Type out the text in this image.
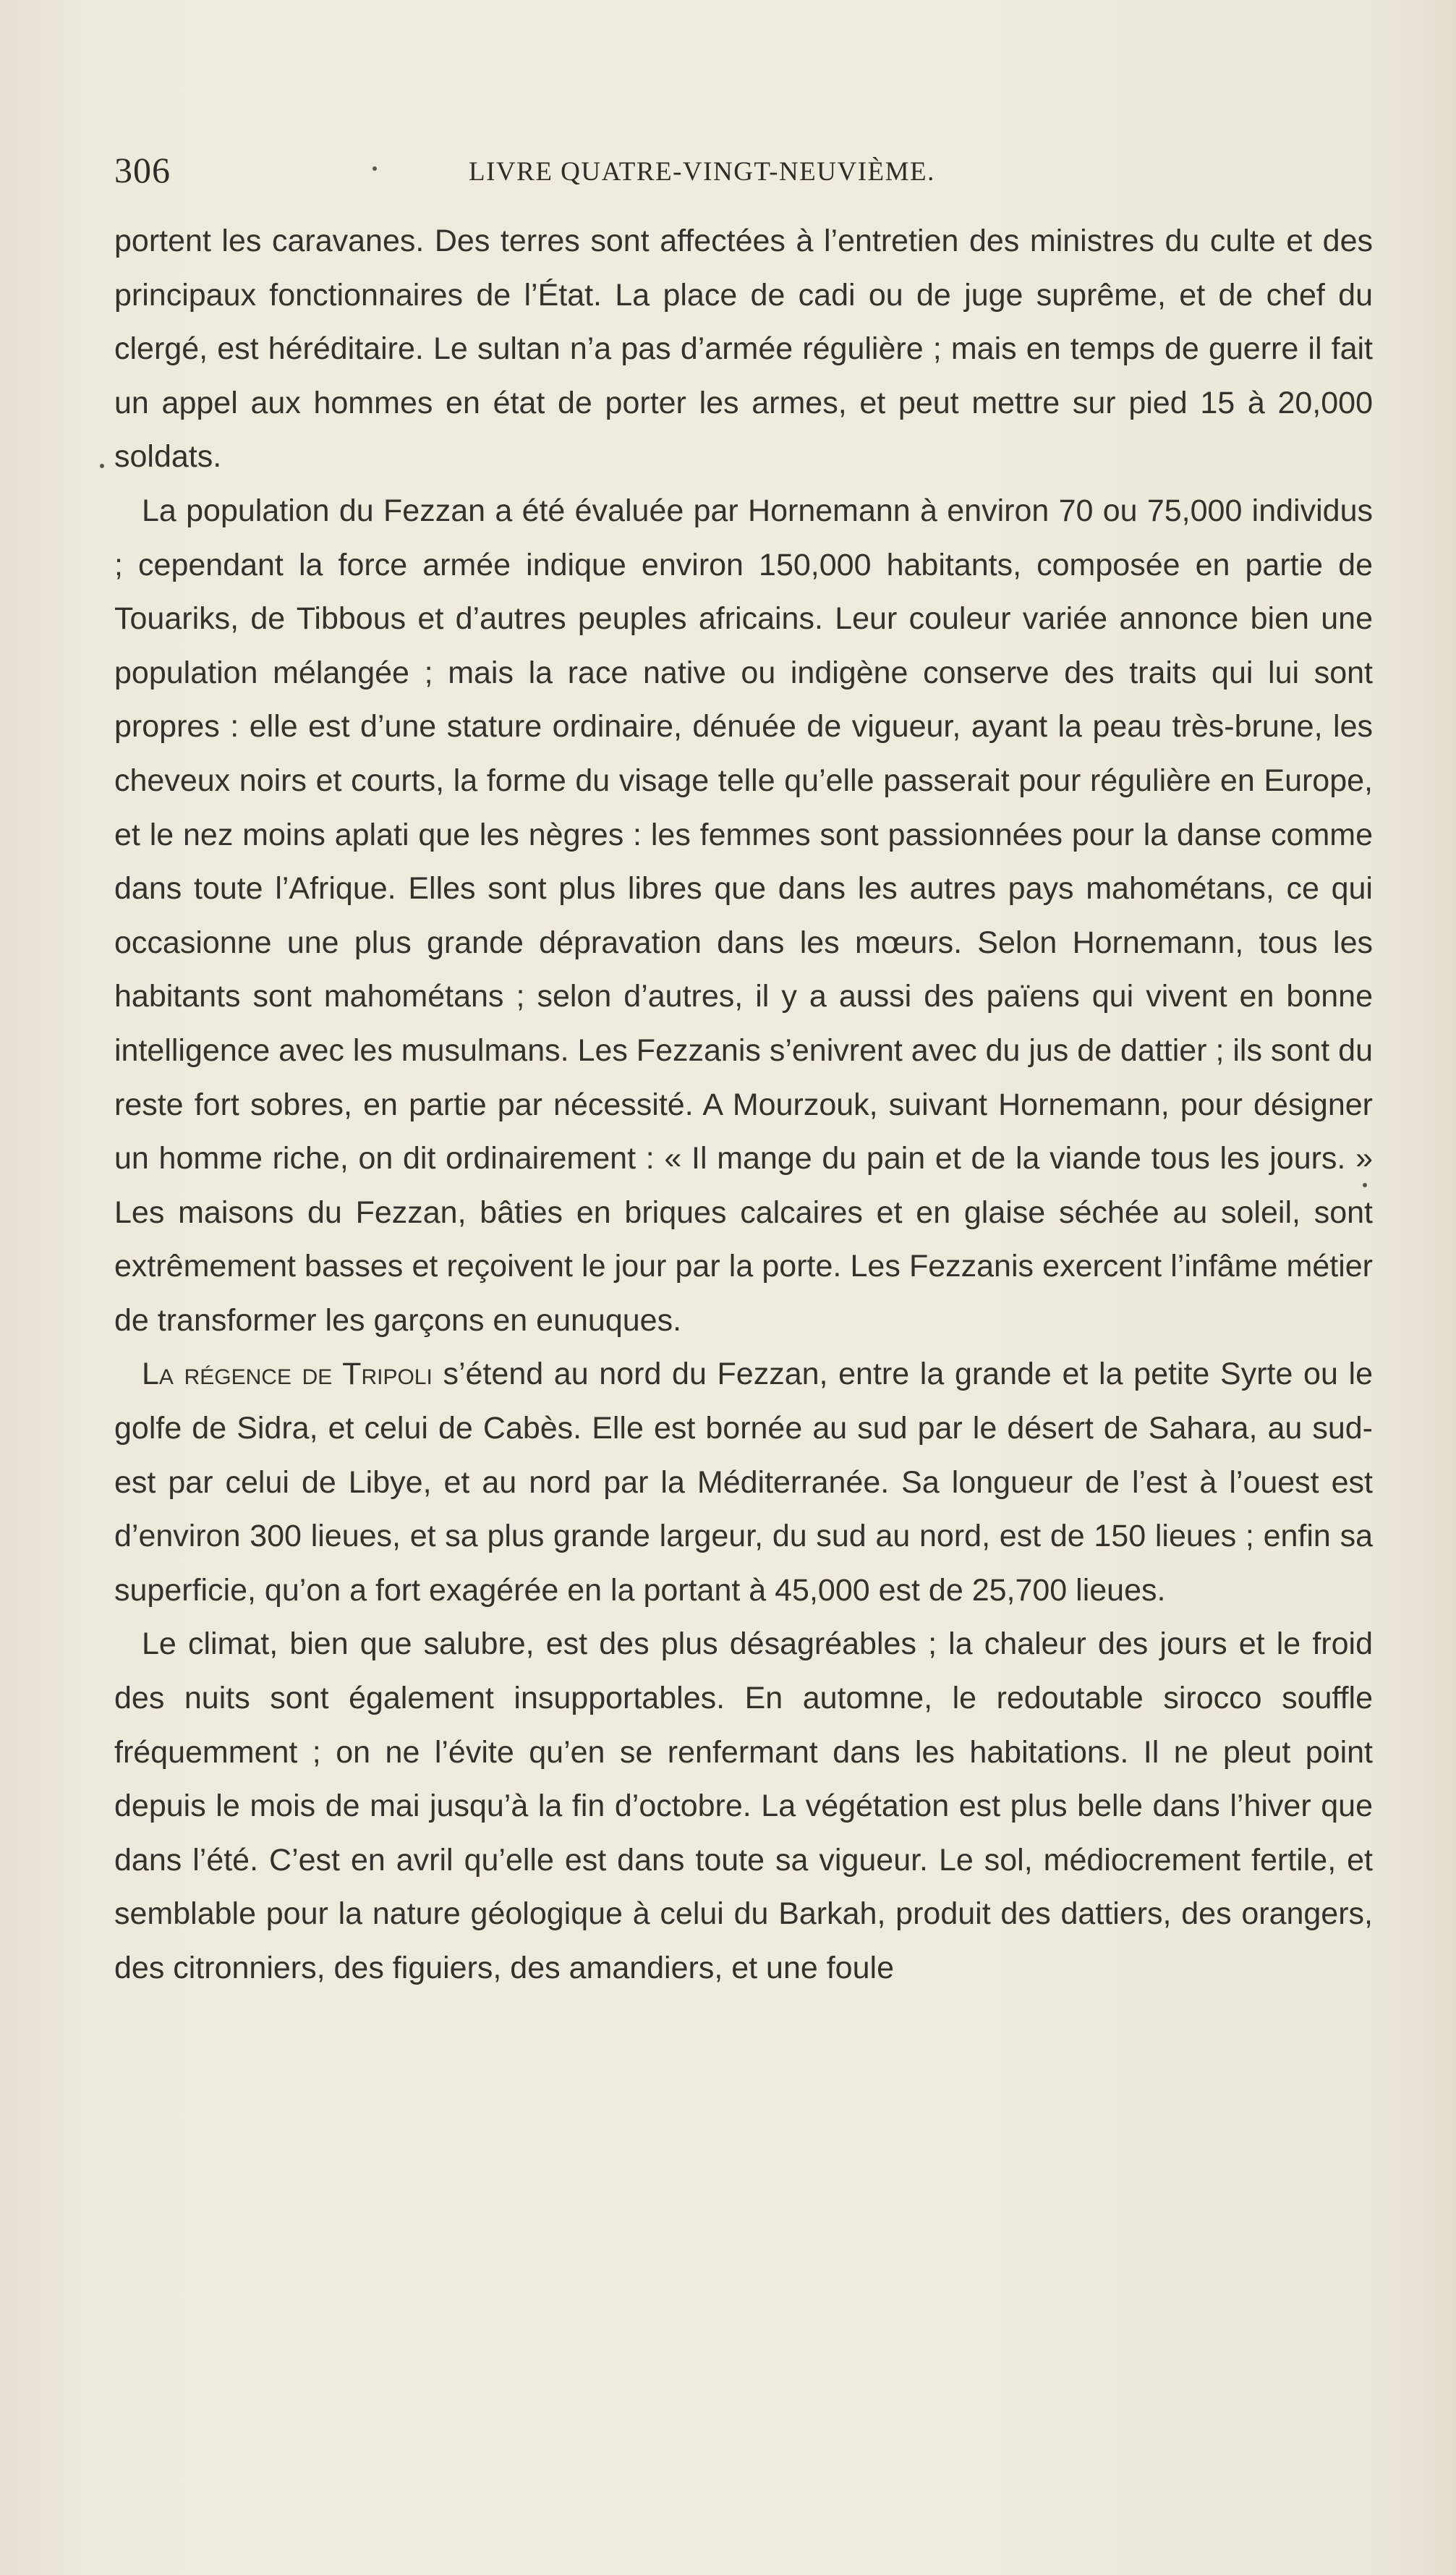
306	LIVRE QUATRE-VINGT-NEUVIÈME.

portent les caravanes. Des terres sont affectées à l’entretien des ministres du culte et des principaux fonctionnaires de l’État. La place de cadi ou de juge suprême, et de chef du clergé, est héréditaire. Le sultan n’a pas d’armée régulière ; mais en temps de guerre il fait un appel aux hommes en état de porter les armes, et peut mettre sur pied 15 à 20,000 soldats.

La population du Fezzan a été évaluée par Hornemann à environ 70 ou 75,000 individus ; cependant la force armée indique environ 150,000 habitants, composée en partie de Touariks, de Tibbous et d’autres peuples africains. Leur couleur variée annonce bien une population mélangée ; mais la race native ou indigène conserve des traits qui lui sont propres : elle est d’une stature ordinaire, dénuée de vigueur, ayant la peau très-brune, les cheveux noirs et courts, la forme du visage telle qu’elle passerait pour régulière en Europe, et le nez moins aplati que les nègres : les femmes sont passionnées pour la danse comme dans toute l’Afrique. Elles sont plus libres que dans les autres pays mahométans, ce qui occasionne une plus grande dépravation dans les mœurs. Selon Hornemann, tous les habitants sont mahométans ; selon d’autres, il y a aussi des païens qui vivent en bonne intelligence avec les musulmans. Les Fezzanis s’enivrent avec du jus de dattier ; ils sont du reste fort sobres, en partie par nécessité. A Mourzouk, suivant Hornemann, pour désigner un homme riche, on dit ordinairement : « Il mange du pain et de la viande tous les jours. » Les maisons du Fezzan, bâties en briques calcaires et en glaise séchée au soleil, sont extrêmement basses et reçoivent le jour par la porte. Les Fezzanis exercent l’infâme métier de transformer les garçons en eunuques.

La régence de Tripoli s’étend au nord du Fezzan, entre la grande et la petite Syrte ou le golfe de Sidra, et celui de Cabès. Elle est bornée au sud par le désert de Sahara, au sud-est par celui de Libye, et au nord par la Méditerranée. Sa longueur de l’est à l’ouest est d’environ 300 lieues, et sa plus grande largeur, du sud au nord, est de 150 lieues ; enfin sa superficie, qu’on a fort exagérée en la portant à 45,000 est de 25,700 lieues.

Le climat, bien que salubre, est des plus désagréables ; la chaleur des jours et le froid des nuits sont également insupportables. En automne, le redoutable sirocco souffle fréquemment ; on ne l’évite qu’en se renfermant dans les habitations. Il ne pleut point depuis le mois de mai jusqu’à la fin d’octobre. La végétation est plus belle dans l’hiver que dans l’été. C’est en avril qu’elle est dans toute sa vigueur. Le sol, médiocrement fertile, et semblable pour la nature géologique à celui du Barkah, produit des dattiers, des orangers, des citronniers, des figuiers, des amandiers, et une foule
